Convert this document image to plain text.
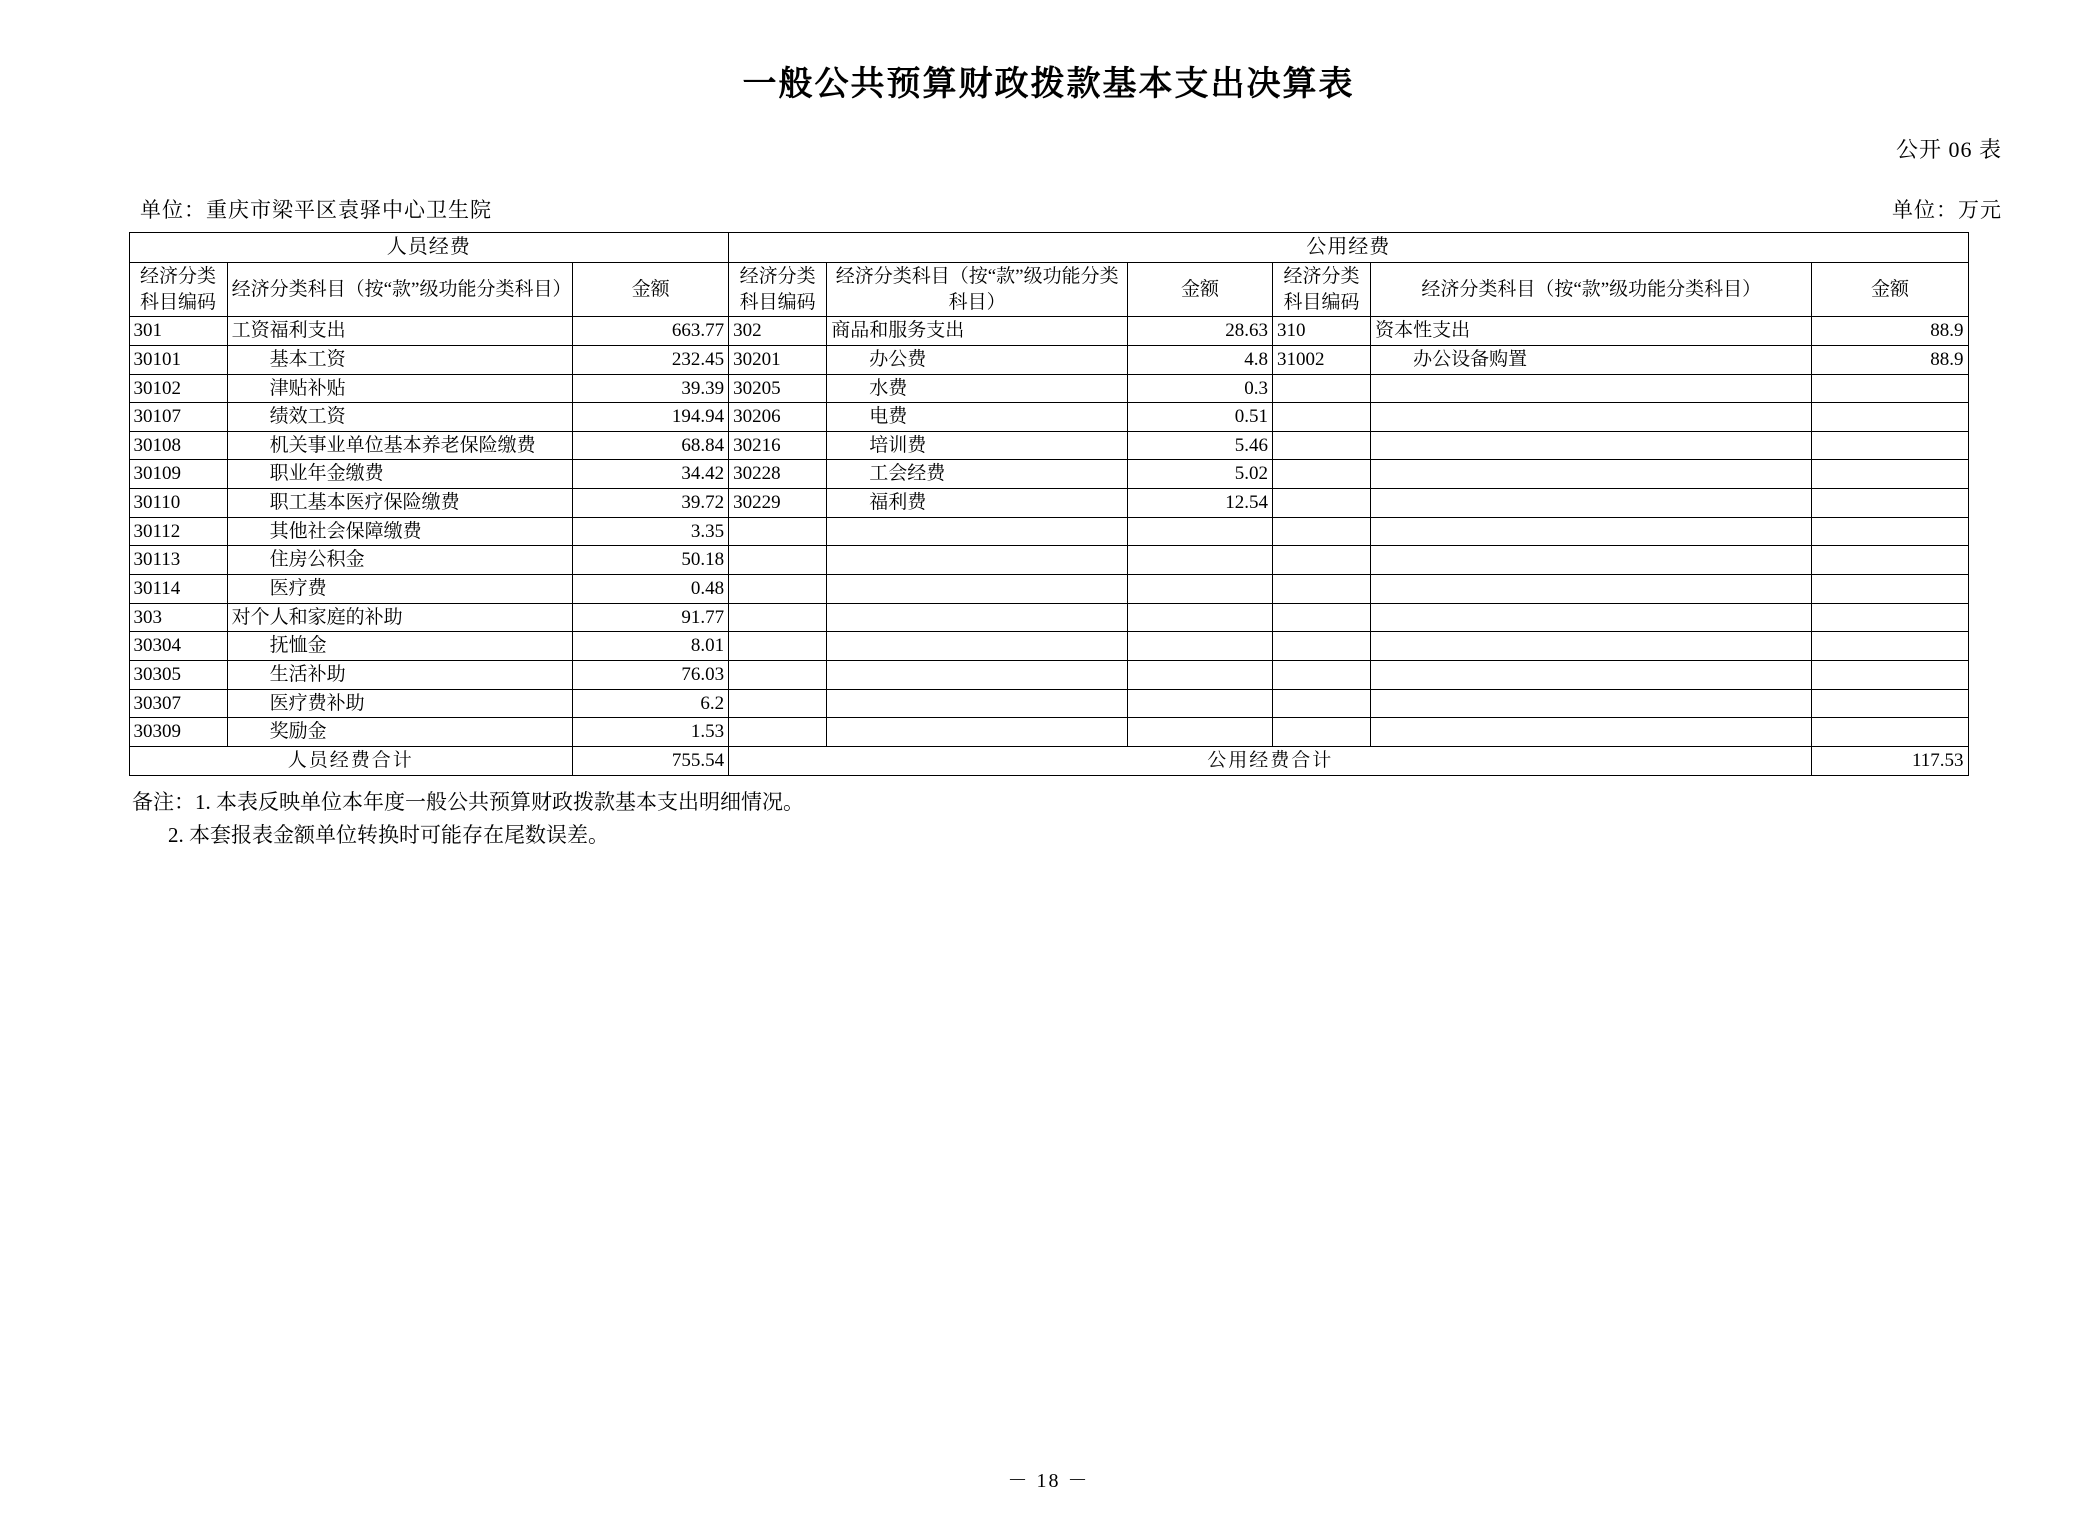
一般公共预算财政拨款基本支出决算表
公开 06 表
单位：重庆市梁平区袁驿中心卫生院	单位：万元
人员经费			公用经费					
经济分类科目编码	经济分类科目（按“款”级功能分类科目）	金额	经济分类科目编码	经济分类科目（按“款”级功能分类科目）	金额	经济分类科目编码	经济分类科目（按“款”级功能分类科目）	金额
301	工资福利支出	663.77	302	商品和服务支出	28.63	310	资本性支出	88.9
30101	基本工资	232.45	30201	办公费	4.8	31002	办公设备购置	88.9
30102	津贴补贴	39.39	30205	水费	0.3			
30107	绩效工资	194.94	30206	电费	0.51			
30108	机关事业单位基本养老保险缴费	68.84	30216	培训费	5.46			
30109	职业年金缴费	34.42	30228	工会经费	5.02			
30110	职工基本医疗保险缴费	39.72	30229	福利费	12.54			
30112	其他社会保障缴费	3.35						
30113	住房公积金	50.18						
30114	医疗费	0.48						
303	对个人和家庭的补助	91.77						
30304	抚恤金	8.01						
30305	生活补助	76.03						
30307	医疗费补助	6.2						
30309	奖励金	1.53						
人员经费合计		755.54	公用经费合计					117.53
备注：1. 本表反映单位本年度一般公共预算财政拨款基本支出明细情况。
2. 本套报表金额单位转换时可能存在尾数误差。
－ 18 －
